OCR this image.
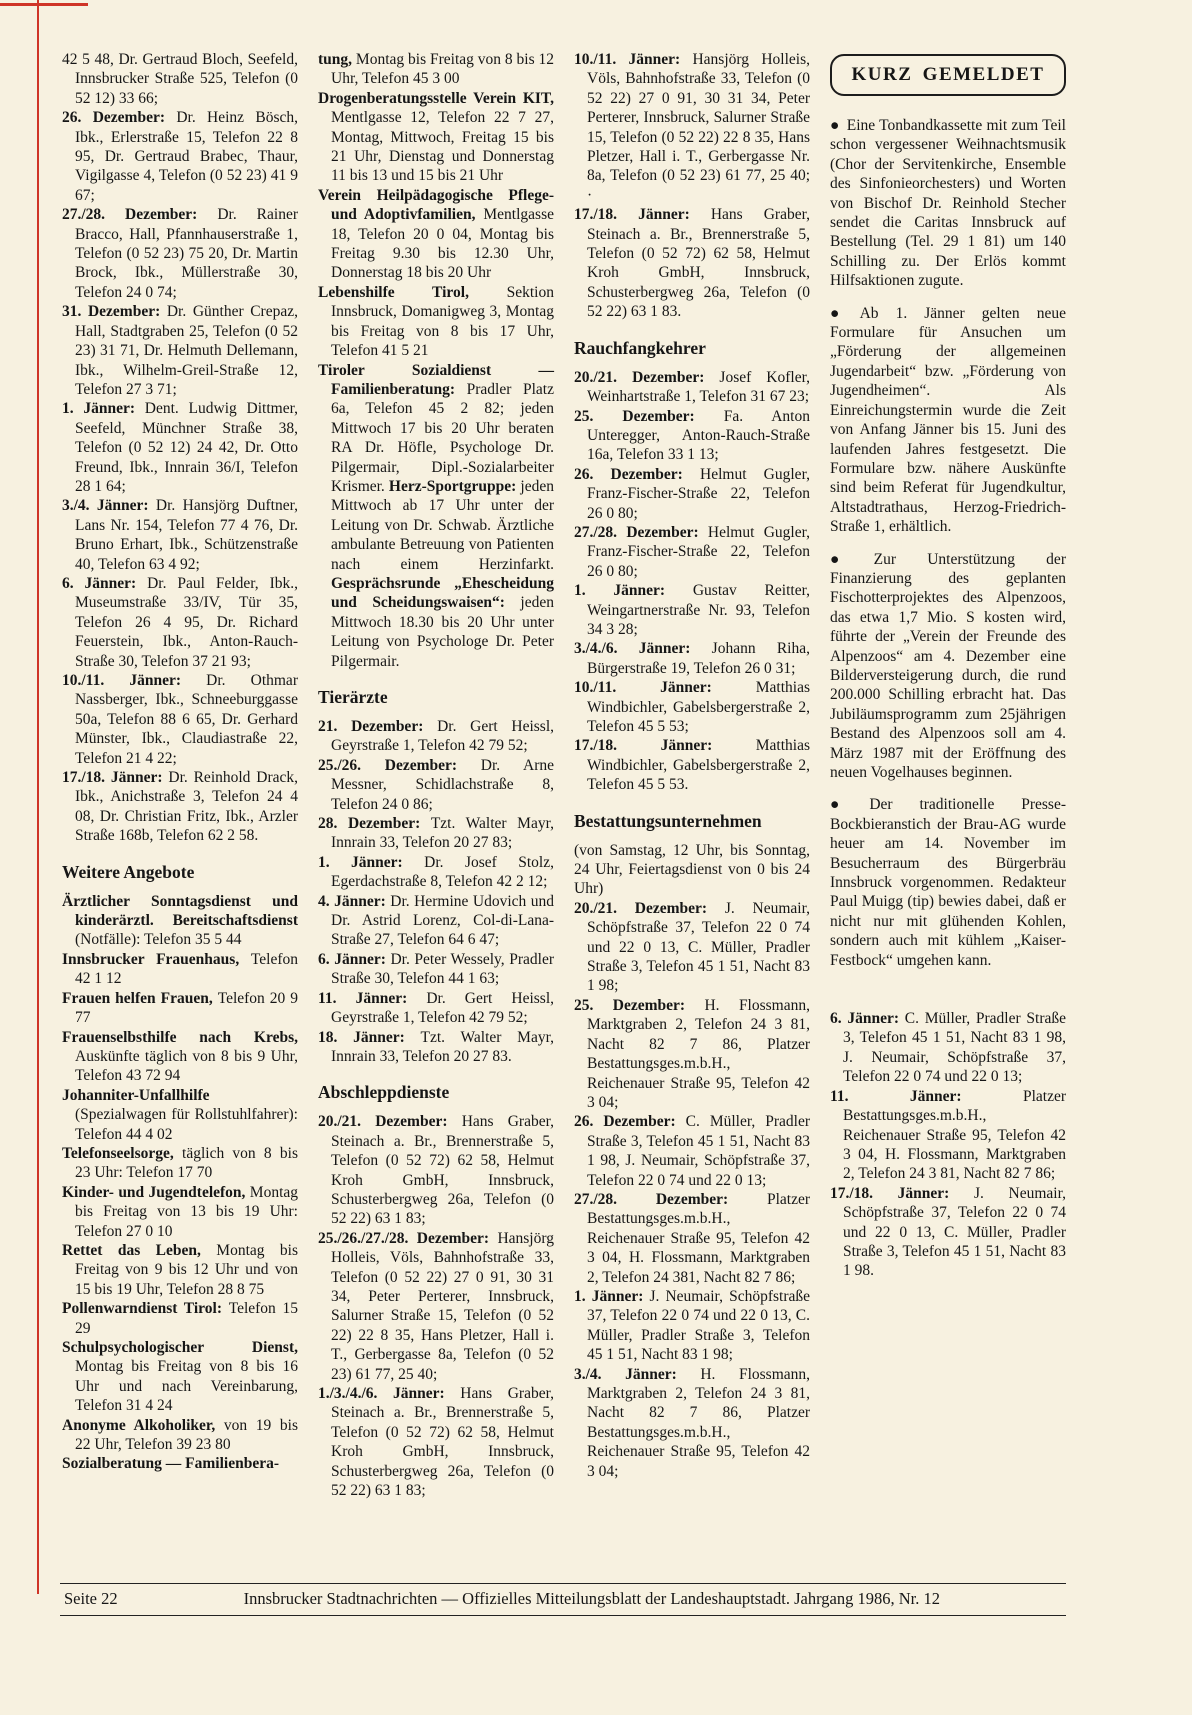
42 5 48, Dr. Gertraud Bloch, Seefeld, Innsbrucker Straße 525, Telefon (0 52 12) 33 66;
26. Dezember: Dr. Heinz Bösch, Ibk., Erlerstraße 15, Telefon 22 8 95, Dr. Gertraud Brabec, Thaur, Vigilgasse 4, Telefon (0 52 23) 41 9 67;
27./28. Dezember: Dr. Rainer Bracco, Hall, Pfannhauserstraße 1, Telefon (0 52 23) 75 20, Dr. Martin Brock, Ibk., Müllerstraße 30, Telefon 24 0 74;
31. Dezember: Dr. Günther Crepaz, Hall, Stadtgraben 25, Telefon (0 52 23) 31 71, Dr. Helmuth Dellemann, Ibk., Wilhelm-Greil-Straße 12, Telefon 27 3 71;
1. Jänner: Dent. Ludwig Dittmer, Seefeld, Münchner Straße 38, Telefon (0 52 12) 24 42, Dr. Otto Freund, Ibk., Innrain 36/I, Telefon 28 1 64;
3./4. Jänner: Dr. Hansjörg Duftner, Lans Nr. 154, Telefon 77 4 76, Dr. Bruno Erhart, Ibk., Schützenstraße 40, Telefon 63 4 92;
6. Jänner: Dr. Paul Felder, Ibk., Museumstraße 33/IV, Tür 35, Telefon 26 4 95, Dr. Richard Feuerstein, Ibk., Anton-Rauch-Straße 30, Telefon 37 21 93;
10./11. Jänner: Dr. Othmar Nassberger, Ibk., Schneeburggasse 50a, Telefon 88 6 65, Dr. Gerhard Münster, Ibk., Claudiastraße 22, Telefon 21 4 22;
17./18. Jänner: Dr. Reinhold Drack, Ibk., Anichstraße 3, Telefon 24 4 08, Dr. Christian Fritz, Ibk., Arzler Straße 168b, Telefon 62 2 58.
Weitere Angebote
Ärztlicher Sonntagsdienst und kinderärztl. Bereitschaftsdienst (Notfälle): Telefon 35 5 44
Innsbrucker Frauenhaus, Telefon 42 1 12
Frauen helfen Frauen, Telefon 20 9 77
Frauenselbsthilfe nach Krebs, Auskünfte täglich von 8 bis 9 Uhr, Telefon 43 72 94
Johanniter-Unfallhilfe (Spezialwagen für Rollstuhlfahrer): Telefon 44 4 02
Telefonseelsorge, täglich von 8 bis 23 Uhr: Telefon 17 70
Kinder- und Jugendtelefon, Montag bis Freitag von 13 bis 19 Uhr: Telefon 27 0 10
Rettet das Leben, Montag bis Freitag von 9 bis 12 Uhr und von 15 bis 19 Uhr, Telefon 28 8 75
Pollenwarndienst Tirol: Telefon 15 29
Schulpsychologischer Dienst, Montag bis Freitag von 8 bis 16 Uhr und nach Vereinbarung, Telefon 31 4 24
Anonyme Alkoholiker, von 19 bis 22 Uhr, Telefon 39 23 80
Sozialberatung — Familienbera-
tung, Montag bis Freitag von 8 bis 12 Uhr, Telefon 45 3 00
Drogenberatungsstelle Verein KIT, Mentlgasse 12, Telefon 22 7 27, Montag, Mittwoch, Freitag 15 bis 21 Uhr, Dienstag und Donnerstag 11 bis 13 und 15 bis 21 Uhr
Verein Heilpädagogische Pflege- und Adoptivfamilien, Mentlgasse 18, Telefon 20 0 04, Montag bis Freitag 9.30 bis 12.30 Uhr, Donnerstag 18 bis 20 Uhr
Lebenshilfe Tirol, Sektion Innsbruck, Domanigweg 3, Montag bis Freitag von 8 bis 17 Uhr, Telefon 41 5 21
Tiroler Sozialdienst — Familienberatung: Pradler Platz 6a, Telefon 45 2 82; jeden Mittwoch 17 bis 20 Uhr beraten RA Dr. Höfle, Psychologe Dr. Pilgermair, Dipl.-Sozialarbeiter Krismer. Herz-Sportgruppe: jeden Mittwoch ab 17 Uhr unter der Leitung von Dr. Schwab. Ärztliche ambulante Betreuung von Patienten nach einem Herzinfarkt. Gesprächsrunde „Ehescheidung und Scheidungswaisen“: jeden Mittwoch 18.30 bis 20 Uhr unter Leitung von Psychologe Dr. Peter Pilgermair.
Tierärzte
21. Dezember: Dr. Gert Heissl, Geyrstraße 1, Telefon 42 79 52;
25./26. Dezember: Dr. Arne Messner, Schidlachstraße 8, Telefon 24 0 86;
28. Dezember: Tzt. Walter Mayr, Innrain 33, Telefon 20 27 83;
1. Jänner: Dr. Josef Stolz, Egerdachstraße 8, Telefon 42 2 12;
4. Jänner: Dr. Hermine Udovich und Dr. Astrid Lorenz, Col-di-Lana-Straße 27, Telefon 64 6 47;
6. Jänner: Dr. Peter Wessely, Pradler Straße 30, Telefon 44 1 63;
11. Jänner: Dr. Gert Heissl, Geyrstraße 1, Telefon 42 79 52;
18. Jänner: Tzt. Walter Mayr, Innrain 33, Telefon 20 27 83.
Abschleppdienste
20./21. Dezember: Hans Graber, Steinach a. Br., Brennerstraße 5, Telefon (0 52 72) 62 58, Helmut Kroh GmbH, Innsbruck, Schusterbergweg 26a, Telefon (0 52 22) 63 1 83;
25./26./27./28. Dezember: Hansjörg Holleis, Völs, Bahnhofstraße 33, Telefon (0 52 22) 27 0 91, 30 31 34, Peter Perterer, Innsbruck, Salurner Straße 15, Telefon (0 52 22) 22 8 35, Hans Pletzer, Hall i. T., Gerbergasse 8a, Telefon (0 52 23) 61 77, 25 40;
1./3./4./6. Jänner: Hans Graber, Steinach a. Br., Brennerstraße 5, Telefon (0 52 72) 62 58, Helmut Kroh GmbH, Innsbruck, Schusterbergweg 26a, Telefon (0 52 22) 63 1 83;
10./11. Jänner: Hansjörg Holleis, Völs, Bahnhofstraße 33, Telefon (0 52 22) 27 0 91, 30 31 34, Peter Perterer, Innsbruck, Salurner Straße 15, Telefon (0 52 22) 22 8 35, Hans Pletzer, Hall i. T., Gerbergasse Nr. 8a, Telefon (0 52 23) 61 77, 25 40; ·
17./18. Jänner: Hans Graber, Steinach a. Br., Brennerstraße 5, Telefon (0 52 72) 62 58, Helmut Kroh GmbH, Innsbruck, Schusterbergweg 26a, Telefon (0 52 22) 63 1 83.
Rauchfangkehrer
20./21. Dezember: Josef Kofler, Weinhartstraße 1, Telefon 31 67 23;
25. Dezember: Fa. Anton Unteregger, Anton-Rauch-Straße 16a, Telefon 33 1 13;
26. Dezember: Helmut Gugler, Franz-Fischer-Straße 22, Telefon 26 0 80;
27./28. Dezember: Helmut Gugler, Franz-Fischer-Straße 22, Telefon 26 0 80;
1. Jänner: Gustav Reitter, Weingartnerstraße Nr. 93, Telefon 34 3 28;
3./4./6. Jänner: Johann Riha, Bürgerstraße 19, Telefon 26 0 31;
10./11. Jänner: Matthias Windbichler, Gabelsbergerstraße 2, Telefon 45 5 53;
17./18. Jänner: Matthias Windbichler, Gabelsbergerstraße 2, Telefon 45 5 53.
Bestattungsunternehmen
(von Samstag, 12 Uhr, bis Sonntag, 24 Uhr, Feiertagsdienst von 0 bis 24 Uhr)
20./21. Dezember: J. Neumair, Schöpfstraße 37, Telefon 22 0 74 und 22 0 13, C. Müller, Pradler Straße 3, Telefon 45 1 51, Nacht 83 1 98;
25. Dezember: H. Flossmann, Marktgraben 2, Telefon 24 3 81, Nacht 82 7 86, Platzer Bestattungsges.m.b.H., Reichenauer Straße 95, Telefon 42 3 04;
26. Dezember: C. Müller, Pradler Straße 3, Telefon 45 1 51, Nacht 83 1 98, J. Neumair, Schöpfstraße 37, Telefon 22 0 74 und 22 0 13;
27./28. Dezember: Platzer Bestattungsges.m.b.H., Reichenauer Straße 95, Telefon 42 3 04, H. Flossmann, Marktgraben 2, Telefon 24 381, Nacht 82 7 86;
1. Jänner: J. Neumair, Schöpfstraße 37, Telefon 22 0 74 und 22 0 13, C. Müller, Pradler Straße 3, Telefon 45 1 51, Nacht 83 1 98;
3./4. Jänner: H. Flossmann, Marktgraben 2, Telefon 24 3 81, Nacht 82 7 86, Platzer Bestattungsges.m.b.H., Reichenauer Straße 95, Telefon 42 3 04;
KURZ GEMELDET
● Eine Tonbandkassette mit zum Teil schon vergessener Weihnachtsmusik (Chor der Servitenkirche, Ensemble des Sinfonieorchesters) und Worten von Bischof Dr. Reinhold Stecher sendet die Caritas Innsbruck auf Bestellung (Tel. 29 1 81) um 140 Schilling zu. Der Erlös kommt Hilfsaktionen zugute.
● Ab 1. Jänner gelten neue Formulare für Ansuchen um „Förderung der allgemeinen Jugendarbeit“ bzw. „Förderung von Jugendheimen“. Als Einreichungstermin wurde die Zeit von Anfang Jänner bis 15. Juni des laufenden Jahres festgesetzt. Die Formulare bzw. nähere Auskünfte sind beim Referat für Jugendkultur, Altstadtrathaus, Herzog-Friedrich-Straße 1, erhältlich.
● Zur Unterstützung der Finanzierung des geplanten Fischotterprojektes des Alpenzoos, das etwa 1,7 Mio. S kosten wird, führte der „Verein der Freunde des Alpenzoos“ am 4. Dezember eine Bilderversteigerung durch, die rund 200.000 Schilling erbracht hat. Das Jubiläumsprogramm zum 25jährigen Bestand des Alpenzoos soll am 4. März 1987 mit der Eröffnung des neuen Vogelhauses beginnen.
● Der traditionelle Presse-Bockbieranstich der Brau-AG wurde heuer am 14. November im Besucherraum des Bürgerbräu Innsbruck vorgenommen. Redakteur Paul Muigg (tip) bewies dabei, daß er nicht nur mit glühenden Kohlen, sondern auch mit kühlem „Kaiser-Festbock“ umgehen kann.
6. Jänner: C. Müller, Pradler Straße 3, Telefon 45 1 51, Nacht 83 1 98, J. Neumair, Schöpfstraße 37, Telefon 22 0 74 und 22 0 13;
11. Jänner: Platzer Bestattungsges.m.b.H., Reichenauer Straße 95, Telefon 42 3 04, H. Flossmann, Marktgraben 2, Telefon 24 3 81, Nacht 82 7 86;
17./18. Jänner: J. Neumair, Schöpfstraße 37, Telefon 22 0 74 und 22 0 13, C. Müller, Pradler Straße 3, Telefon 45 1 51, Nacht 83 1 98.
Seite 22	Innsbrucker Stadtnachrichten — Offizielles Mitteilungsblatt der Landeshauptstadt. Jahrgang 1986, Nr. 12
